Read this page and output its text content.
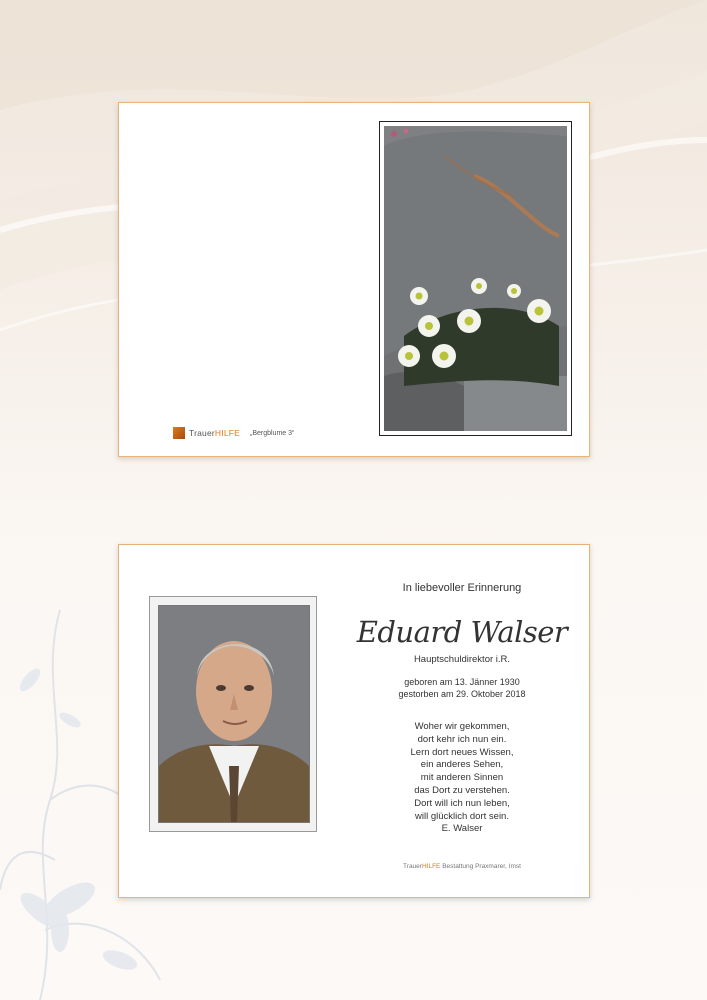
TrauerHILFE „Bergblume 3“
In liebevoller Erinnerung
Eduard Walser
Hauptschuldirektor i.R.
geboren am 13. Jänner 1930
gestorben am 29. Oktober 2018
Woher wir gekommen,
dort kehr ich nun ein.
Lern dort neues Wissen,
ein anderes Sehen,
mit anderen Sinnen
das Dort zu verstehen.
Dort will ich nun leben,
will glücklich dort sein.
E. Walser
TrauerHILFE Bestattung Praxmarer, Imst
